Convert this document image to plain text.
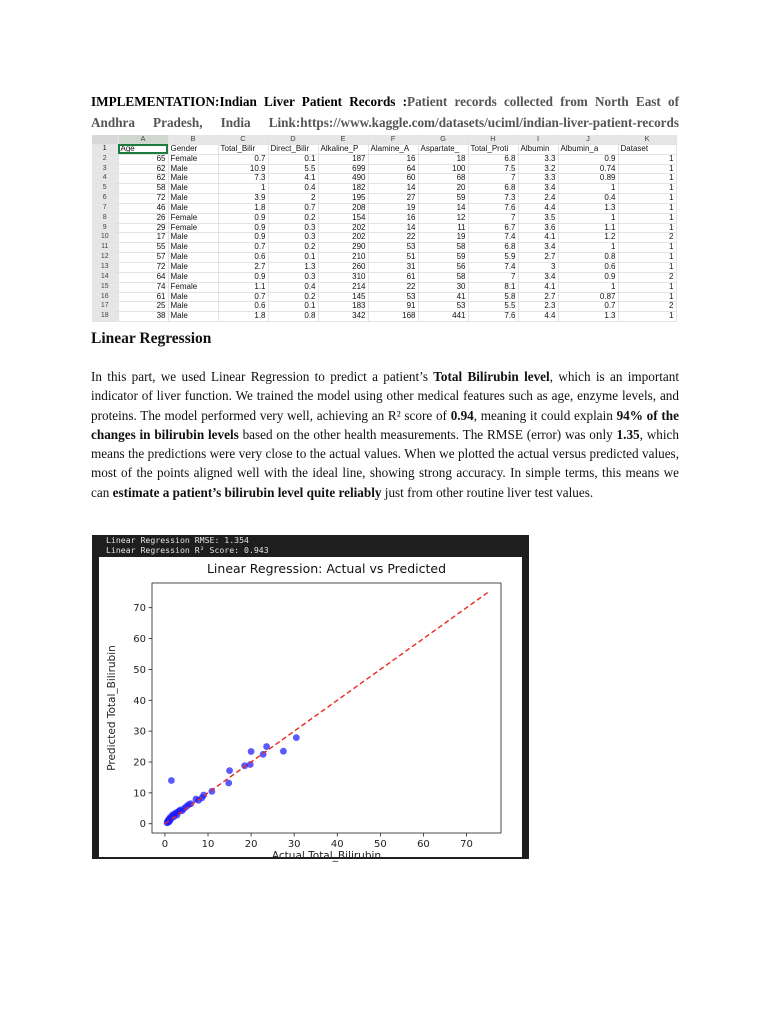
IMPLEMENTATION:Indian Liver Patient Records :Patient records collected from North East of Andhra Pradesh, India Link:https://www.kaggle.com/datasets/uciml/indian-liver-patient-records
	A	B	C	D	E	F	G	H	I	J	K
1	Age	Gender	Total_Bilir	Direct_Bilir	Alkaline_P	Alamine_A	Aspartate_	Total_Proti	Albumin	Albumin_a	Dataset
2	65	Female	0.7	0.1	187	16	18	6.8	3.3	0.9	1
3	62	Male	10.9	5.5	699	64	100	7.5	3.2	0.74	1
4	62	Male	7.3	4.1	490	60	68	7	3.3	0.89	1
5	58	Male	1	0.4	182	14	20	6.8	3.4	1	1
6	72	Male	3.9	2	195	27	59	7.3	2.4	0.4	1
7	46	Male	1.8	0.7	208	19	14	7.6	4.4	1.3	1
8	26	Female	0.9	0.2	154	16	12	7	3.5	1	1
9	29	Female	0.9	0.3	202	14	11	6.7	3.6	1.1	1
10	17	Male	0.9	0.3	202	22	19	7.4	4.1	1.2	2
11	55	Male	0.7	0.2	290	53	58	6.8	3.4	1	1
12	57	Male	0.6	0.1	210	51	59	5.9	2.7	0.8	1
13	72	Male	2.7	1.3	260	31	56	7.4	3	0.6	1
14	64	Male	0.9	0.3	310	61	58	7	3.4	0.9	2
15	74	Female	1.1	0.4	214	22	30	8.1	4.1	1	1
16	61	Male	0.7	0.2	145	53	41	5.8	2.7	0.87	1
17	25	Male	0.6	0.1	183	91	53	5.5	2.3	0.7	2
18	38	Male	1.8	0.8	342	168	441	7.6	4.4	1.3	1
Linear Regression

In this part, we used Linear Regression to predict a patient’s Total Bilirubin level, which is an important indicator of liver function. We trained the model using other medical features such as age, enzyme levels, and proteins. The model performed very well, achieving an R² score of 0.94, meaning it could explain 94% of the changes in bilirubin levels based on the other health measurements. The RMSE (error) was only 1.35, which means the predictions were very close to the actual values. When we plotted the actual versus predicted values, most of the points aligned well with the ideal line, showing strong accuracy. In simple terms, this means we can estimate a patient’s bilirubin level quite reliably just from other routine liver test values.

Linear Regression RMSE: 1.354
Linear Regression R² Score: 0.943
Linear Regression: Actual vs Predicted
0	10	20	30	40	50	60	70
0
10
20
30
40
50
60
70
Actual Total_Bilirubin
Predicted Total_Bilirubin
